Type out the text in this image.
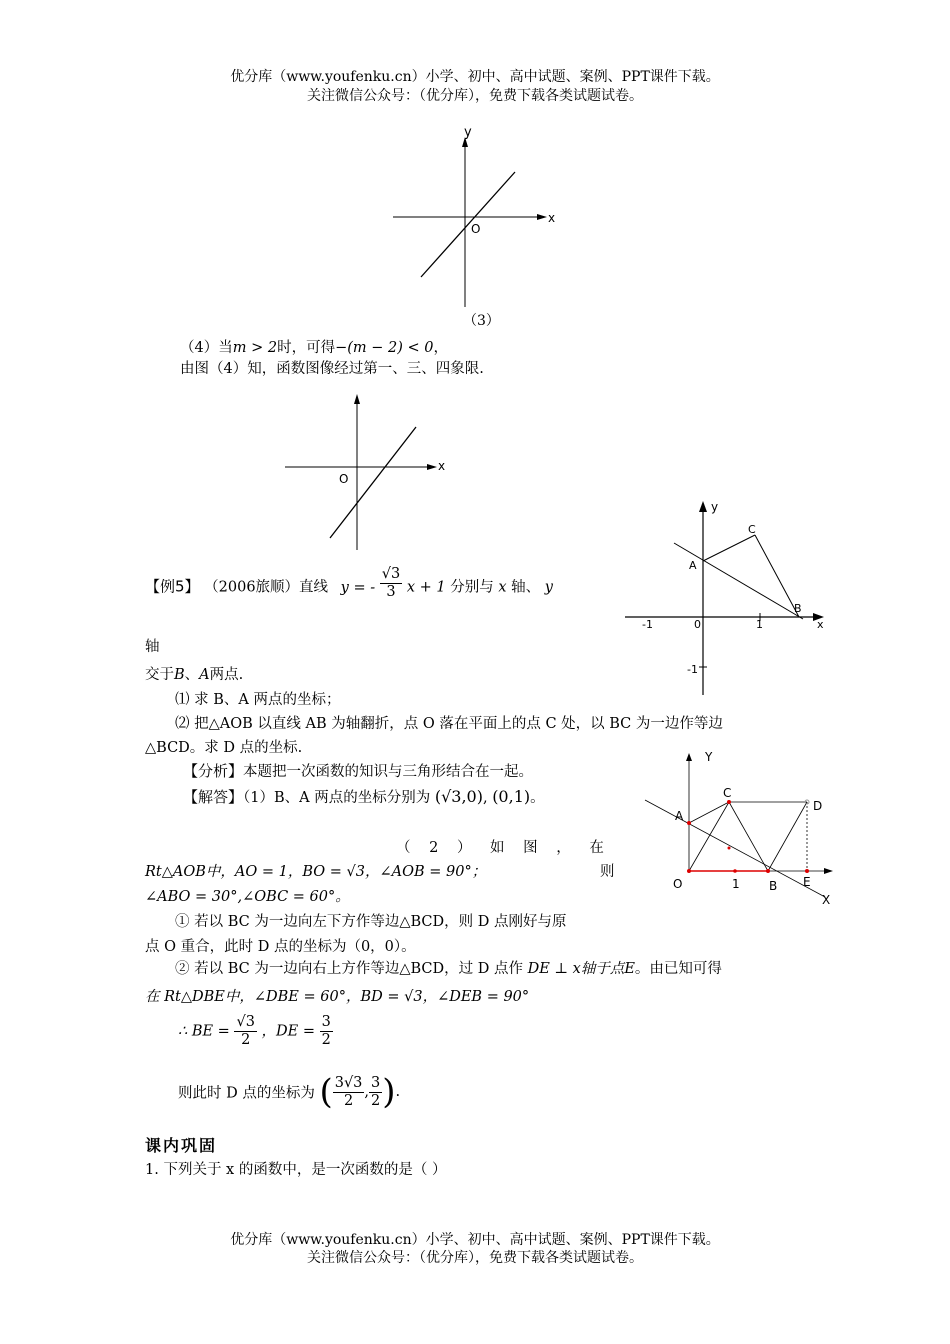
优分库（www.youfenku.cn）小学、初中、高中试题、案例、PPT课件下载。
关注微信公众号：（优分库），免费下载各类试题试卷。
y
x
O
（3）
（4）当m > 2时，可得−(m − 2) < 0，
由图（4）知，函数图像经过第一、三、四象限.
x
O
y
C
A
B
x
-1	0	1
-1
【例5】 （2006旅顺）直线 y = - $\frac{√3}{3}$ x + 1 分别与 x 轴、 y
轴
交于B、A两点.
⑴ 求 B、A 两点的坐标；
⑵ 把△AOB 以直线 AB 为轴翻折，点 O 落在平面上的点 C 处，以 BC 为一边作等边
△BCD。求 D 点的坐标.
Y
C
D
A
O	1 B E
X
【分析】本题把一次函数的知识与三角形结合在一起。
【解答】（1）B、A 两点的坐标分别为 (√3,0), (0,1)。
（ 2 ） 如 图 ， 在
Rt△AOB中，AO = 1，BO = √3，∠AOB = 90°；	则
∠ABO = 30°,∠OBC = 60°。
① 若以 BC 为一边向左下方作等边△BCD，则 D 点刚好与原
点 O 重合，此时 D 点的坐标为（0，0）。
② 若以 BC 为一边向右上方作等边△BCD，过 D 点作 DE ⊥ x轴于点E。由已知可得
在 Rt△DBE中，∠DBE = 60°，BD = √3，∠DEB = 90°
∴ BE = $\frac{√3}{2}$ ，DE = $\frac{3}{2}$
则此时 D 点的坐标为 ( $\frac{3√3}{2}$ , $\frac{3}{2}$ ).
课内巩固
1. 下列关于 x 的函数中，是一次函数的是（ ）
优分库（www.youfenku.cn）小学、初中、高中试题、案例、PPT课件下载。
关注微信公众号：（优分库），免费下载各类试题试卷。
